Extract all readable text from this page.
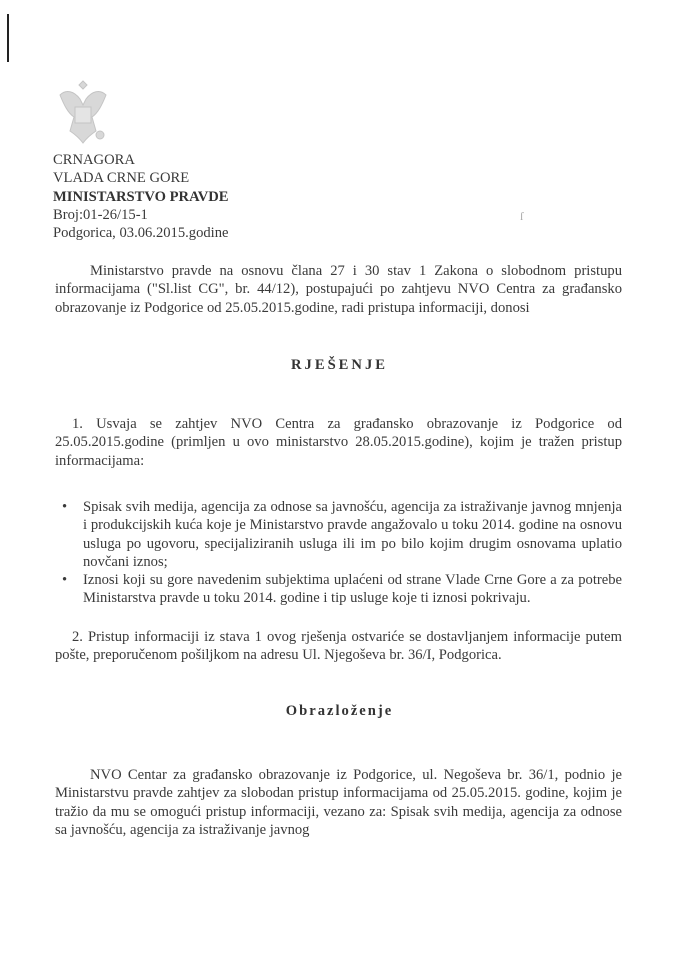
CRNAGORA
VLADA CRNE GORE
MINISTARSTVO PRAVDE
Broj:01-26/15-1
Podgorica, 03.06.2015.godine
ſ
Ministarstvo pravde na osnovu člana 27 i 30 stav 1 Zakona o slobodnom pristupu informacijama ("Sl.list CG", br. 44/12), postupajući po zahtjevu NVO Centra za građansko obrazovanje iz Podgorice od 25.05.2015.godine, radi pristupa informaciji, donosi
RJEŠENJE
1. Usvaja se zahtjev NVO Centra za građansko obrazovanje iz Podgorice od 25.05.2015.godine (primljen u ovo ministarstvo 28.05.2015.godine), kojim je tražen pristup informacijama:
• Spisak svih medija, agencija za odnose sa javnošću, agencija za istraživanje javnog mnjenja i produkcijskih kuća koje je Ministarstvo pravde angažovalo u toku 2014. godine na osnovu usluga po ugovoru, specijaliziranih usluga ili im po bilo kojim drugim osnovama uplatio novčani iznos;
• Iznosi koji su gore navedenim subjektima uplaćeni od strane Vlade Crne Gore a za potrebe Ministarstva pravde u toku 2014. godine i tip usluge koje ti iznosi pokrivaju.
2. Pristup informaciji iz stava 1 ovog rješenja ostvariće se dostavljanjem informacije putem pošte, preporučenom pošiljkom na adresu Ul. Njegoševa br. 36/I, Podgorica.
Obrazloženje
NVO Centar za građansko obrazovanje iz Podgorice, ul. Negoševa br. 36/1, podnio je Ministarstvu pravde zahtjev za slobodan pristup informacijama od 25.05.2015. godine, kojim je tražio da mu se omogući pristup informaciji, vezano za: Spisak svih medija, agencija za odnose sa javnošću, agencija za istraživanje javnog
